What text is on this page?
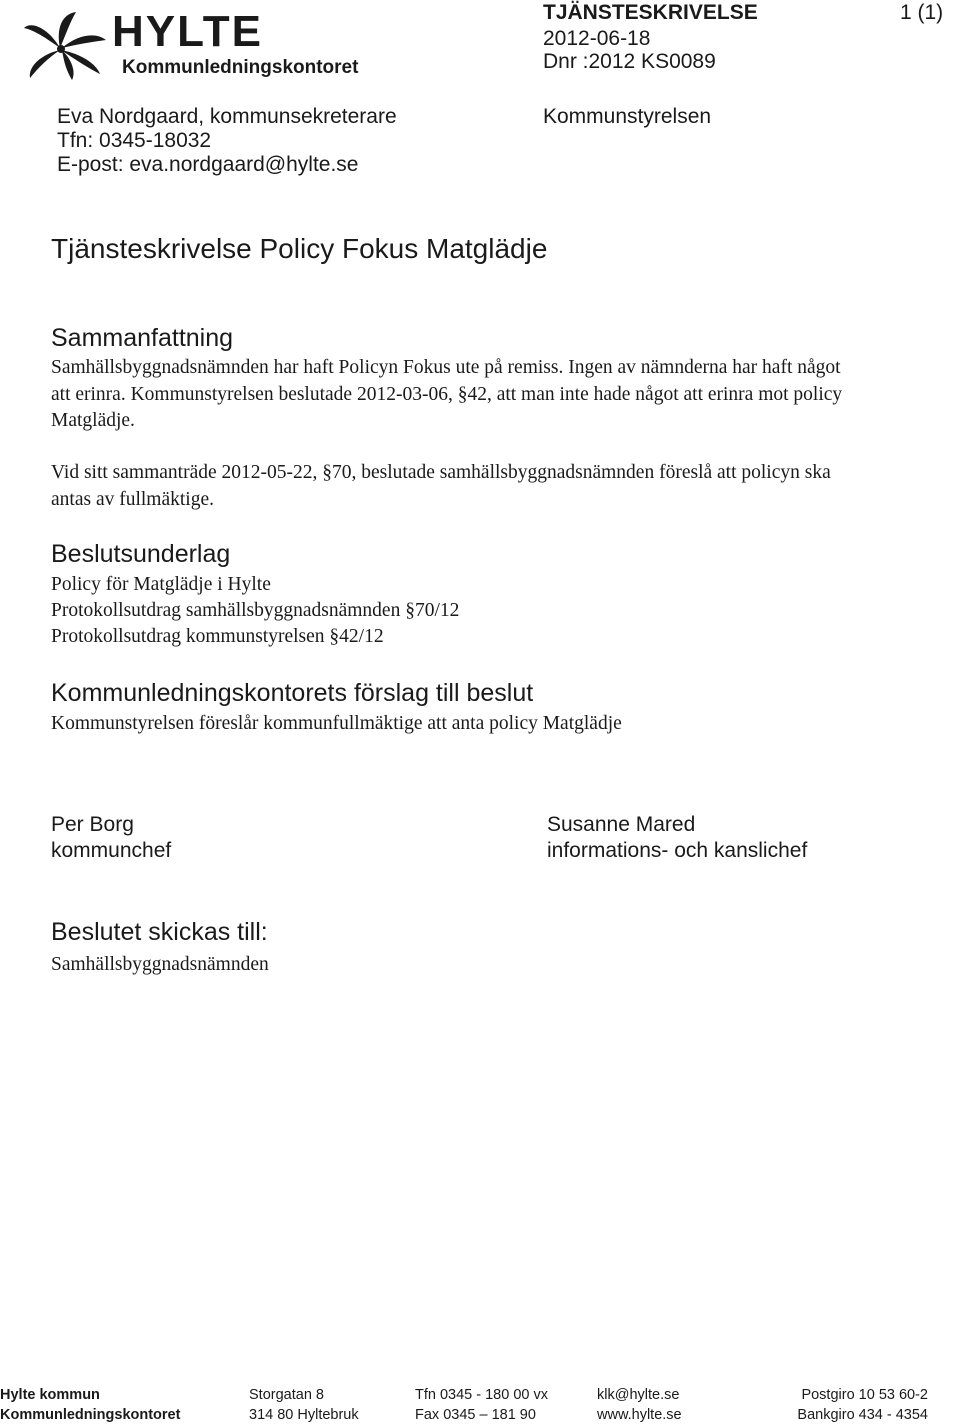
HYLTE
Kommunledningskontoret
TJÄNSTESKRIVELSE	1 (1)
2012-06-18
Dnr :2012 KS0089
Kommunstyrelsen
Eva Nordgaard, kommunsekreterare
Tfn: 0345-18032
E-post: eva.nordgaard@hylte.se
Tjänsteskrivelse Policy Fokus Matglädje
Sammanfattning
Samhällsbyggnadsnämnden har haft Policyn Fokus ute på remiss. Ingen av nämnderna har haft något
att erinra. Kommunstyrelsen beslutade 2012-03-06, §42, att man inte hade något att erinra mot policy
Matglädje.
Vid sitt sammanträde 2012-05-22, §70, beslutade samhällsbyggnadsnämnden föreslå att policyn ska
antas av fullmäktige.
Beslutsunderlag
Policy för Matglädje i Hylte
Protokollsutdrag samhällsbyggnadsnämnden §70/12
Protokollsutdrag kommunstyrelsen §42/12
Kommunledningskontorets förslag till beslut
Kommunstyrelsen föreslår kommunfullmäktige att anta policy Matglädje
Per Borg
kommunchef
Susanne Mared
informations- och kanslichef
Beslutet skickas till:
Samhällsbyggnadsnämnden
Hylte kommun
Kommunledningskontoret
Storgatan 8
314 80 Hyltebruk
Tfn 0345 - 180 00 vx
Fax 0345 – 181 90
klk@hylte.se
www.hylte.se
Postgiro 10 53 60-2
Bankgiro 434 - 4354
